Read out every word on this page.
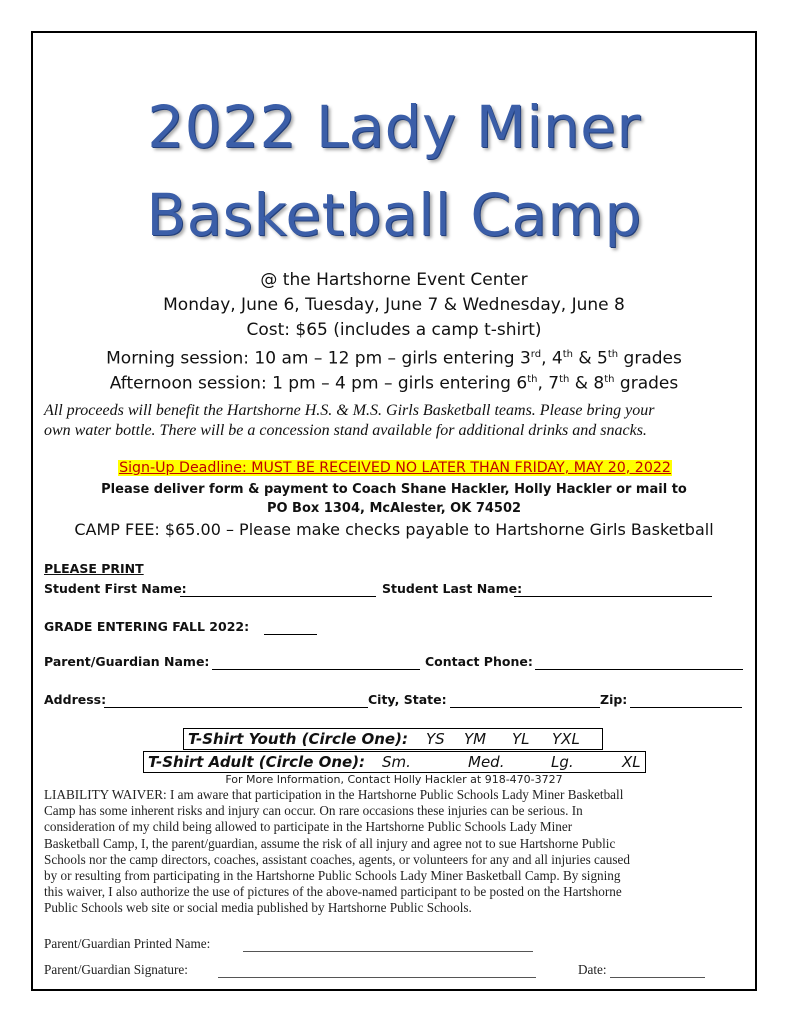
2022 Lady Miner
Basketball Camp
@ the Hartshorne Event Center
Monday, June 6, Tuesday, June 7 & Wednesday, June 8
Cost: $65 (includes a camp t-shirt)
Morning session: 10 am – 12 pm – girls entering 3rd, 4th & 5th grades
Afternoon session: 1 pm – 4 pm – girls entering 6th, 7th & 8th grades
All proceeds will benefit the Hartshorne H.S. & M.S. Girls Basketball teams. Please bring your
own water bottle. There will be a concession stand available for additional drinks and snacks.
Sign-Up Deadline: MUST BE RECEIVED NO LATER THAN FRIDAY, MAY 20, 2022
Please deliver form & payment to Coach Shane Hackler, Holly Hackler or mail to
PO Box 1304, McAlester, OK 74502
CAMP FEE: $65.00 – Please make checks payable to Hartshorne Girls Basketball
PLEASE PRINT
Student First Name:	Student Last Name:
GRADE ENTERING FALL 2022:
Parent/Guardian Name:	Contact Phone:
Address:	City, State:	Zip:
T-Shirt Youth (Circle One): YS YM YL YXL
T-Shirt Adult (Circle One): Sm.	Med.	Lg.	XL
For More Information, Contact Holly Hackler at 918-470-3727
LIABILITY WAIVER: I am aware that participation in the Hartshorne Public Schools Lady Miner Basketball
Camp has some inherent risks and injury can occur. On rare occasions these injuries can be serious. In
consideration of my child being allowed to participate in the Hartshorne Public Schools Lady Miner
Basketball Camp, I, the parent/guardian, assume the risk of all injury and agree not to sue Hartshorne Public
Schools nor the camp directors, coaches, assistant coaches, agents, or volunteers for any and all injuries caused
by or resulting from participating in the Hartshorne Public Schools Lady Miner Basketball Camp. By signing
this waiver, I also authorize the use of pictures of the above-named participant to be posted on the Hartshorne
Public Schools web site or social media published by Hartshorne Public Schools.
Parent/Guardian Printed Name:
Parent/Guardian Signature:	Date:
